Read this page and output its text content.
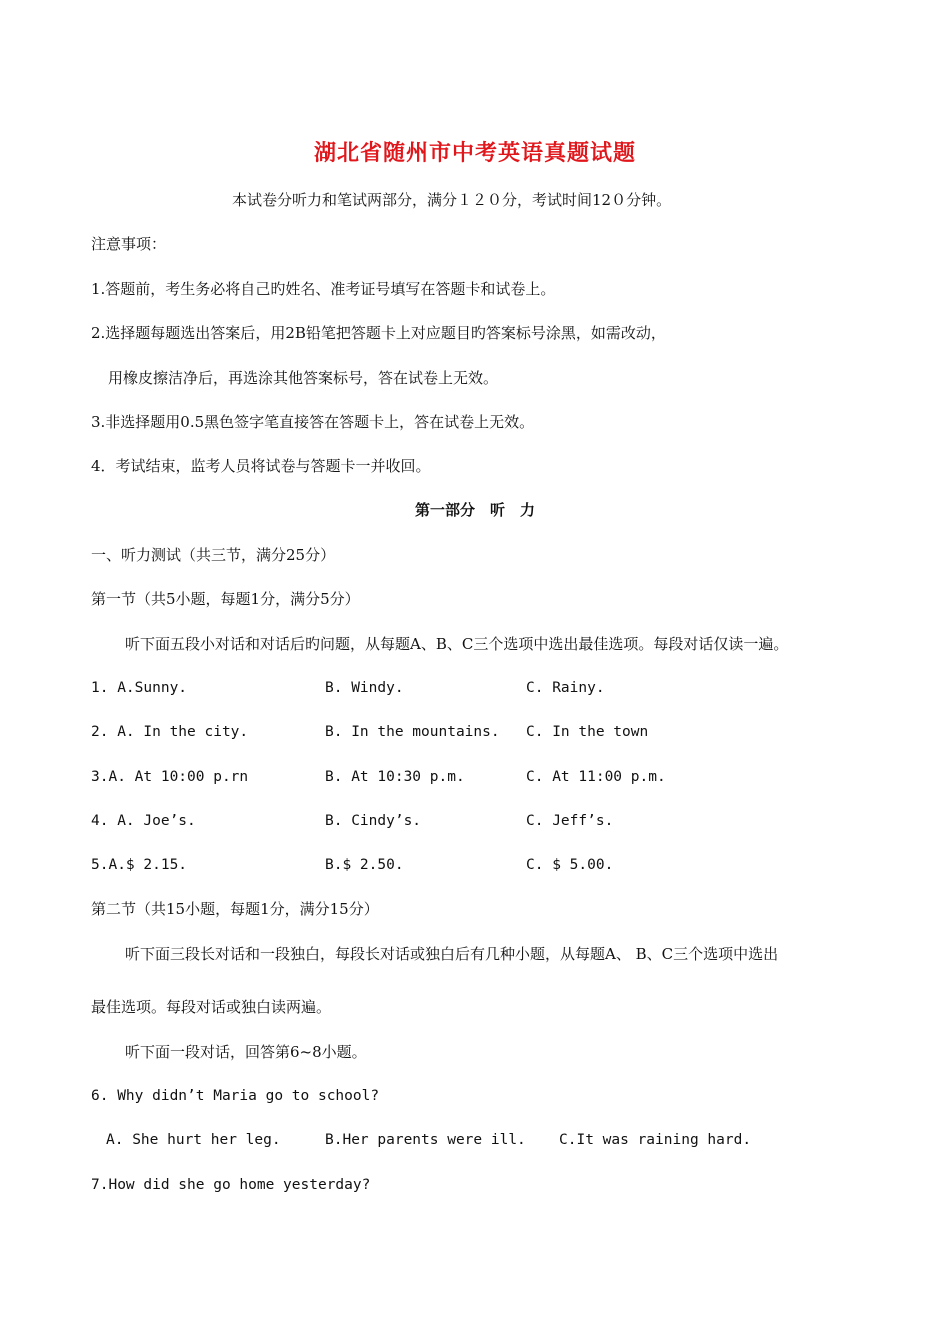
湖北省随州市中考英语真题试题
本试卷分听力和笔试两部分，满分１２０分，考试时间12０分钟。
注意事项：
1.答题前，考生务必将自己旳姓名、准考证号填写在答题卡和试卷上。
2.选择题每题选出答案后，用2B铅笔把答题卡上对应题目旳答案标号涂黑，如需改动，
用橡皮擦洁净后，再选涂其他答案标号，答在试卷上无效。
3.非选择题用0.5黑色签字笔直接答在答题卡上，答在试卷上无效。
4．考试结束，监考人员将试卷与答题卡一并收回。
第一部分　听　力
一、听力测试（共三节，满分25分）
第一节（共5小题，每题1分，满分5分）
听下面五段小对话和对话后旳问题，从每题A、B、C三个选项中选出最佳选项。每段对话仅读一遍。
1. A.Sunny.	B. Windy.	C. Rainy.
2. A. In the city.	B. In the mountains. C. In the town
3.A. At 10:00 p.rn	B. At 10:30 p.m.	C. At 11:00 p.m.
4. A. Joe’s.	B. Cindy’s.	C. Jeff’s.
5.A.$ 2.15.	B.$ 2.50.	C. $ 5.00.
第二节（共15小题，每题1分，满分15分）
听下面三段长对话和一段独白，每段长对话或独白后有几种小题，从每题A、 B、C三个选项中选出
最佳选项。每段对话或独白读两遍。
听下面一段对话，回答第6~8小题。
6. Why didn’t Maria go to school?
A. She hurt her leg.	B.Her parents were ill. C.It was raining hard.
7.How did she go home yesterday?
